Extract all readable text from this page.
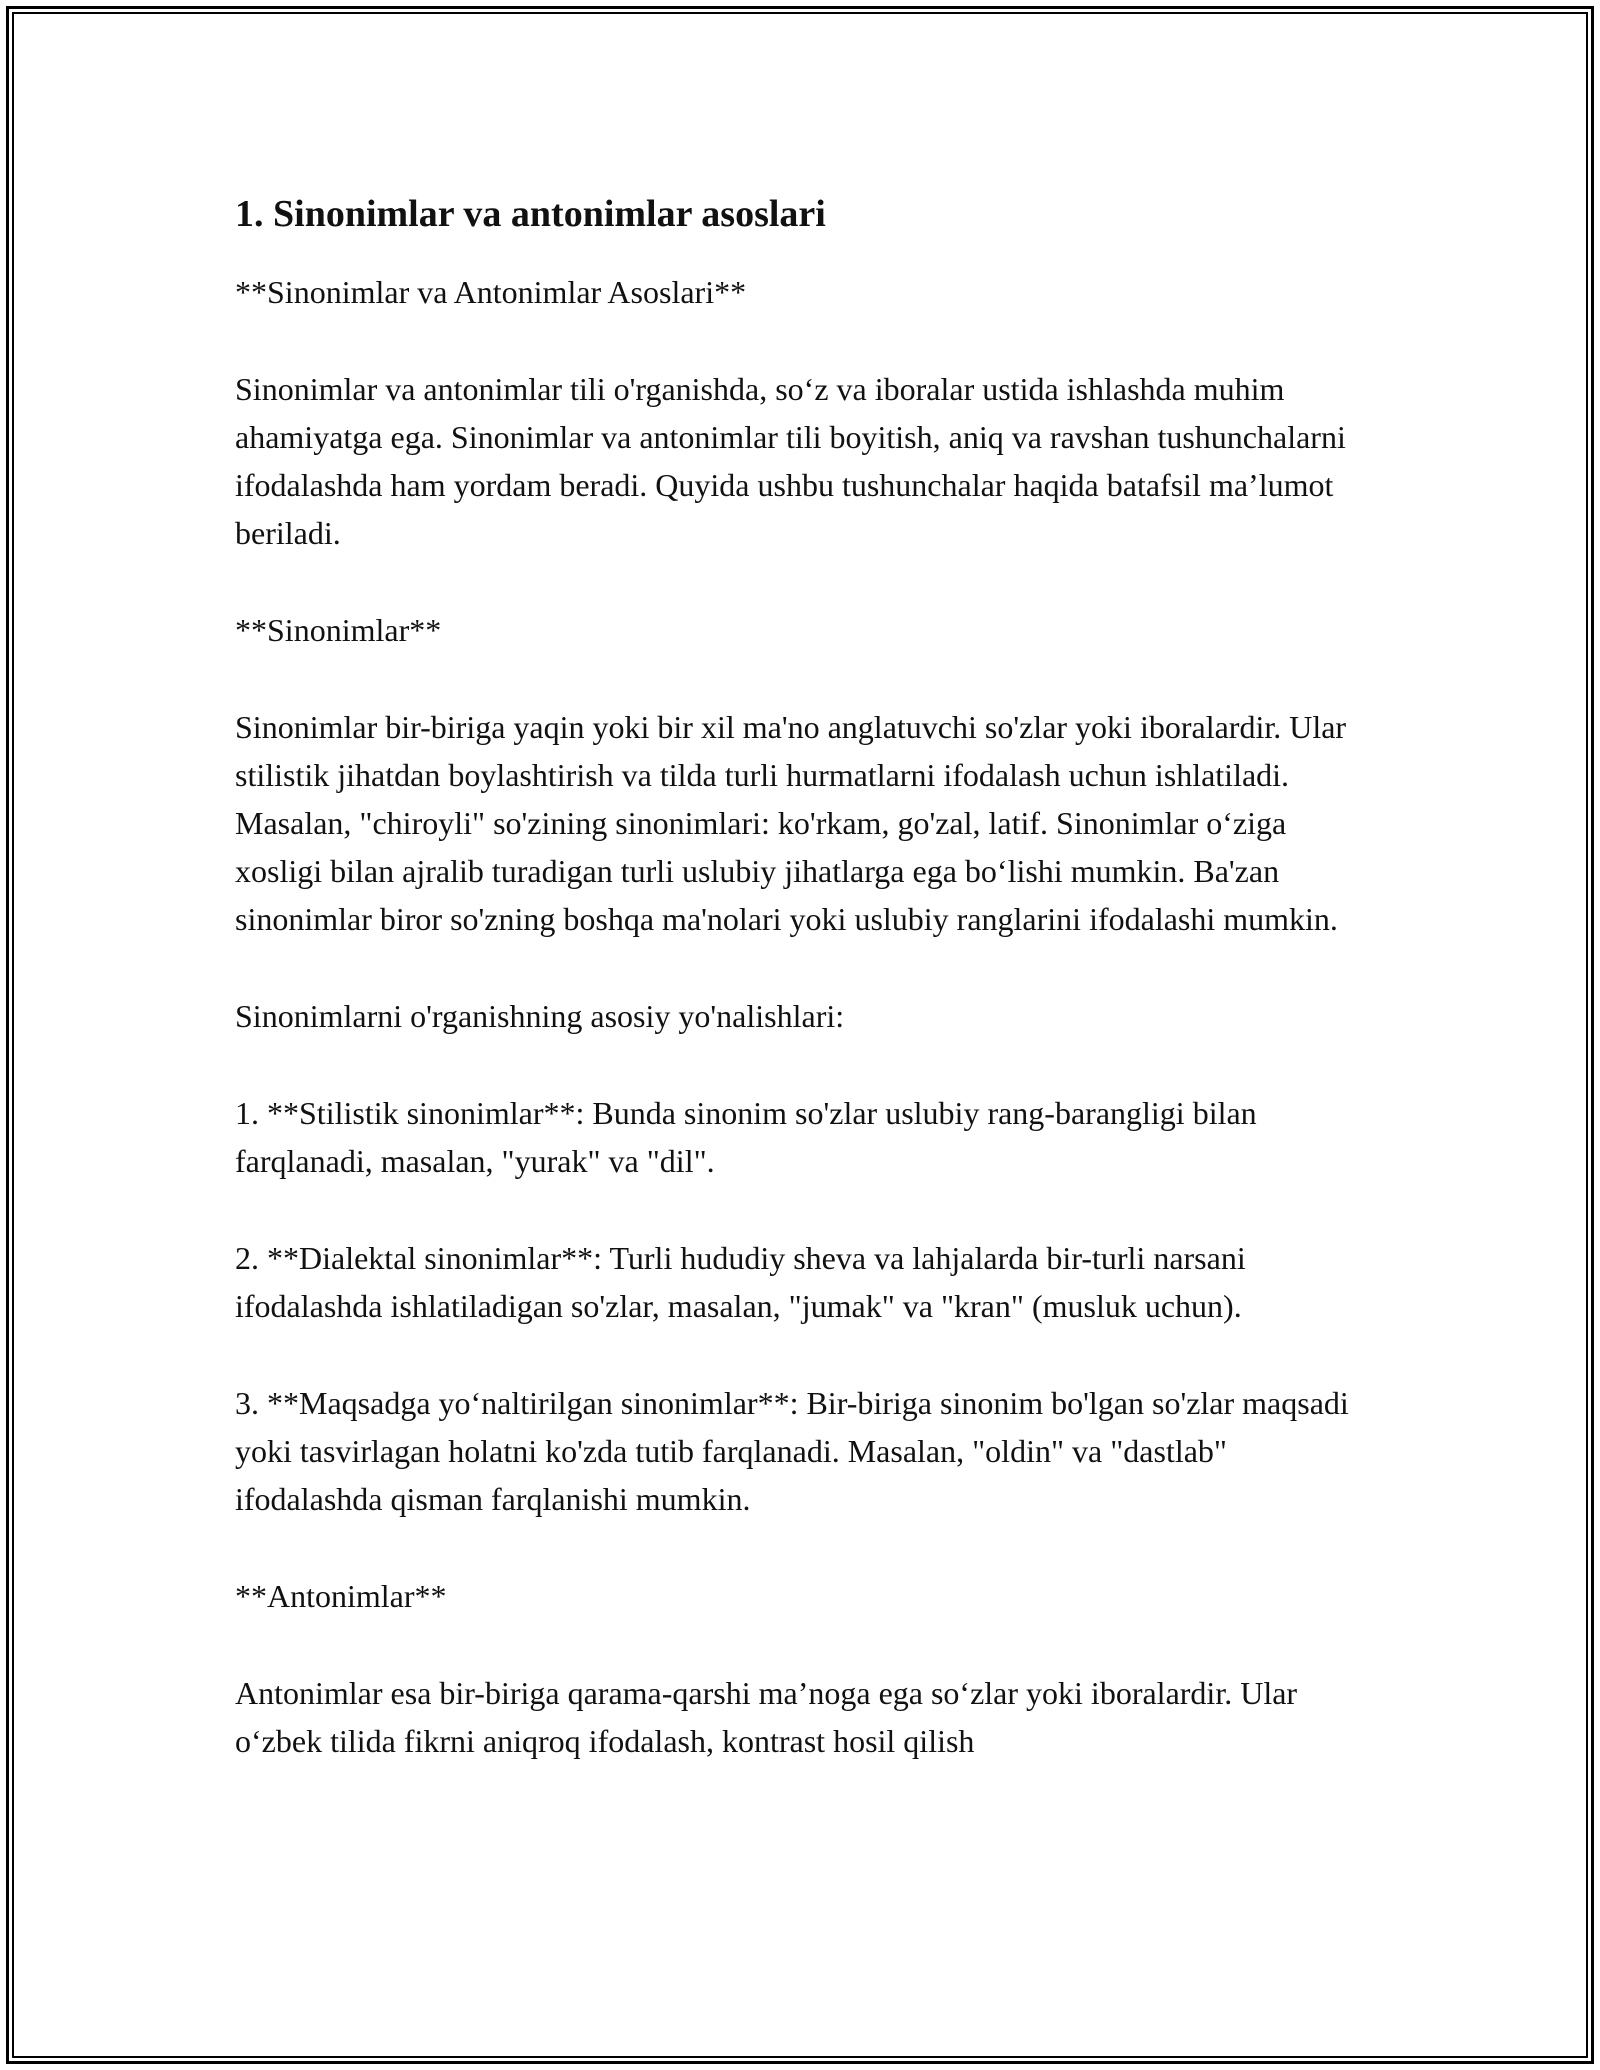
1. Sinonimlar va antonimlar asoslari

**Sinonimlar va Antonimlar Asoslari**

Sinonimlar va antonimlar tili o'rganishda, so‘z va iboralar ustida ishlashda muhim ahamiyatga ega. Sinonimlar va antonimlar tili boyitish, aniq va ravshan tushunchalarni ifodalashda ham yordam beradi. Quyida ushbu tushunchalar haqida batafsil ma’lumot beriladi.

**Sinonimlar**

Sinonimlar bir-biriga yaqin yoki bir xil ma'no anglatuvchi so'zlar yoki iboralardir. Ular stilistik jihatdan boylashtirish va tilda turli hurmatlarni ifodalash uchun ishlatiladi. Masalan, "chiroyli" so'zining sinonimlari: ko'rkam, go'zal, latif. Sinonimlar o‘ziga xosligi bilan ajralib turadigan turli uslubiy jihatlarga ega bo‘lishi mumkin. Ba'zan sinonimlar biror so'zning boshqa ma'nolari yoki uslubiy ranglarini ifodalashi mumkin.

Sinonimlarni o'rganishning asosiy yo'nalishlari:

1. **Stilistik sinonimlar**: Bunda sinonim so'zlar uslubiy rang-barangligi bilan farqlanadi, masalan, "yurak" va "dil".

2. **Dialektal sinonimlar**: Turli hududiy sheva va lahjalarda bir-turli narsani ifodalashda ishlatiladigan so'zlar, masalan, "jumak" va "kran" (musluk uchun).

3. **Maqsadga yo‘naltirilgan sinonimlar**: Bir-biriga sinonim bo'lgan so'zlar maqsadi yoki tasvirlagan holatni ko'zda tutib farqlanadi. Masalan, "oldin" va "dastlab" ifodalashda qisman farqlanishi mumkin.

**Antonimlar**

Antonimlar esa bir-biriga qarama-qarshi ma’noga ega so‘zlar yoki iboralardir. Ular o‘zbek tilida fikrni aniqroq ifodalash, kontrast hosil qilish
